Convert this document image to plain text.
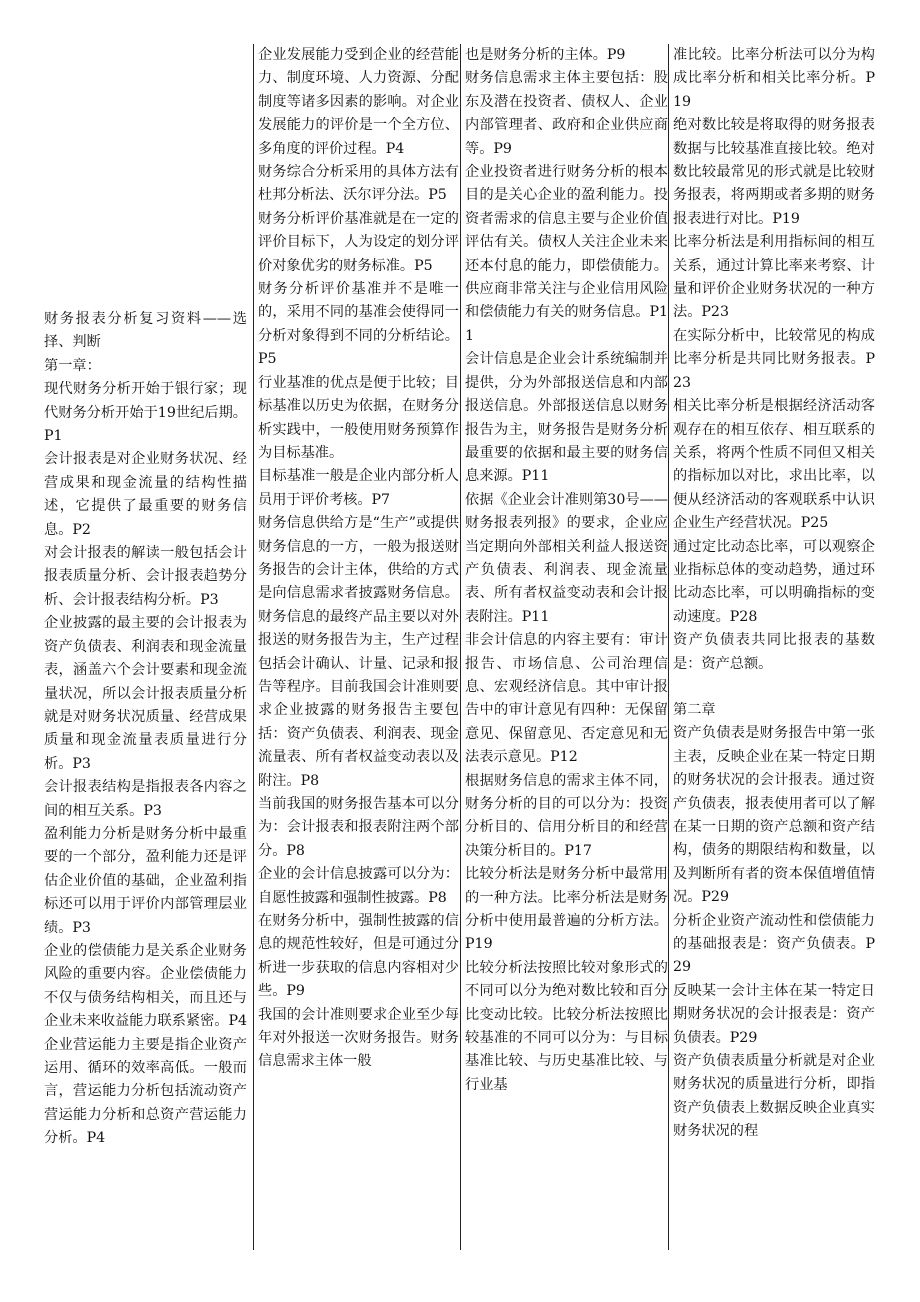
财务报表分析复习资料——选择、判断

第一章：

现代财务分析开始于银行家；现代财务分析开始于19世纪后期。P1

会计报表是对企业财务状况、经营成果和现金流量的结构性描述，它提供了最重要的财务信息。P2

对会计报表的解读一般包括会计报表质量分析、会计报表趋势分析、会计报表结构分析。P3

企业披露的最主要的会计报表为资产负债表、利润表和现金流量表，涵盖六个会计要素和现金流量状况，所以会计报表质量分析就是对财务状况质量、经营成果质量和现金流量表质量进行分析。P3

会计报表结构是指报表各内容之间的相互关系。P3

盈利能力分析是财务分析中最重要的一个部分，盈利能力还是评估企业价值的基础，企业盈利指标还可以用于评价内部管理层业绩。P3

企业的偿债能力是关系企业财务风险的重要内容。企业偿债能力不仅与债务结构相关，而且还与企业未来收益能力联系紧密。P4

企业营运能力主要是指企业资产运用、循环的效率高低。一般而言，营运能力分析包括流动资产营运能力分析和总资产营运能力分析。P4

企业发展能力受到企业的经营能力、制度环境、人力资源、分配制度等诸多因素的影响。对企业发展能力的评价是一个全方位、多角度的评价过程。P4

财务综合分析采用的具体方法有杜邦分析法、沃尔评分法。P5

财务分析评价基准就是在一定的评价目标下，人为设定的划分评价对象优劣的财务标准。P5

财务分析评价基准并不是唯一的，采用不同的基准会使得同一分析对象得到不同的分析结论。P5

行业基准的优点是便于比较；目标基准以历史为依据，在财务分析实践中，一般使用财务预算作为目标基准。

目标基准一般是企业内部分析人员用于评价考核。P7

财务信息供给方是“生产”或提供财务信息的一方，一般为报送财务报告的会计主体，供给的方式是向信息需求者披露财务信息。财务信息的最终产品主要以对外报送的财务报告为主，生产过程包括会计确认、计量、记录和报告等程序。目前我国会计准则要求企业披露的财务报告主要包括：资产负债表、利润表、现金流量表、所有者权益变动表以及附注。P8

当前我国的财务报告基本可以分为：会计报表和报表附注两个部分。P8

企业的会计信息披露可以分为：自愿性披露和强制性披露。P8

在财务分析中，强制性披露的信息的规范性较好，但是可通过分析进一步获取的信息内容相对少些。P9

我国的会计准则要求企业至少每年对外报送一次财务报告。财务信息需求主体一般

也是财务分析的主体。P9

财务信息需求主体主要包括：股东及潜在投资者、债权人、企业内部管理者、政府和企业供应商等。P9

企业投资者进行财务分析的根本目的是关心企业的盈利能力。投资者需求的信息主要与企业价值评估有关。债权人关注企业未来还本付息的能力，即偿债能力。供应商非常关注与企业信用风险和偿债能力有关的财务信息。P11

会计信息是企业会计系统编制并提供，分为外部报送信息和内部报送信息。外部报送信息以财务报告为主，财务报告是财务分析最重要的依据和最主要的财务信息来源。P11

依据《企业会计准则第30号——财务报表列报》的要求，企业应当定期向外部相关利益人报送资产负债表、利润表、现金流量表、所有者权益变动表和会计报表附注。P11

非会计信息的内容主要有：审计报告、市场信息、公司治理信息、宏观经济信息。其中审计报告中的审计意见有四种：无保留意见、保留意见、否定意见和无法表示意见。P12

根据财务信息的需求主体不同，财务分析的目的可以分为：投资分析目的、信用分析目的和经营决策分析目的。P17

比较分析法是财务分析中最常用的一种方法。比率分析法是财务分析中使用最普遍的分析方法。P19

比较分析法按照比较对象形式的不同可以分为绝对数比较和百分比变动比较。比较分析法按照比较基准的不同可以分为：与目标基准比较、与历史基准比较、与行业基

准比较。比率分析法可以分为构成比率分析和相关比率分析。P19

绝对数比较是将取得的财务报表数据与比较基准直接比较。绝对数比较最常见的形式就是比较财务报表，将两期或者多期的财务报表进行对比。P19

比率分析法是利用指标间的相互关系，通过计算比率来考察、计量和评价企业财务状况的一种方法。P23

在实际分析中，比较常见的构成比率分析是共同比财务报表。P23

相关比率分析是根据经济活动客观存在的相互依存、相互联系的关系，将两个性质不同但又相关的指标加以对比，求出比率，以便从经济活动的客观联系中认识企业生产经营状况。P25

通过定比动态比率，可以观察企业指标总体的变动趋势，通过环比动态比率，可以明确指标的变动速度。P28

资产负债表共同比报表的基数是：资产总额。

第二章

资产负债表是财务报告中第一张主表，反映企业在某一特定日期的财务状况的会计报表。通过资产负债表，报表使用者可以了解在某一日期的资产总额和资产结构，债务的期限结构和数量，以及判断所有者的资本保值增值情况。P29

分析企业资产流动性和偿债能力的基础报表是：资产负债表。P29

反映某一会计主体在某一特定日期财务状况的会计报表是：资产负债表。P29

资产负债表质量分析就是对企业财务状况的质量进行分析，即指资产负债表上数据反映企业真实财务状况的程
